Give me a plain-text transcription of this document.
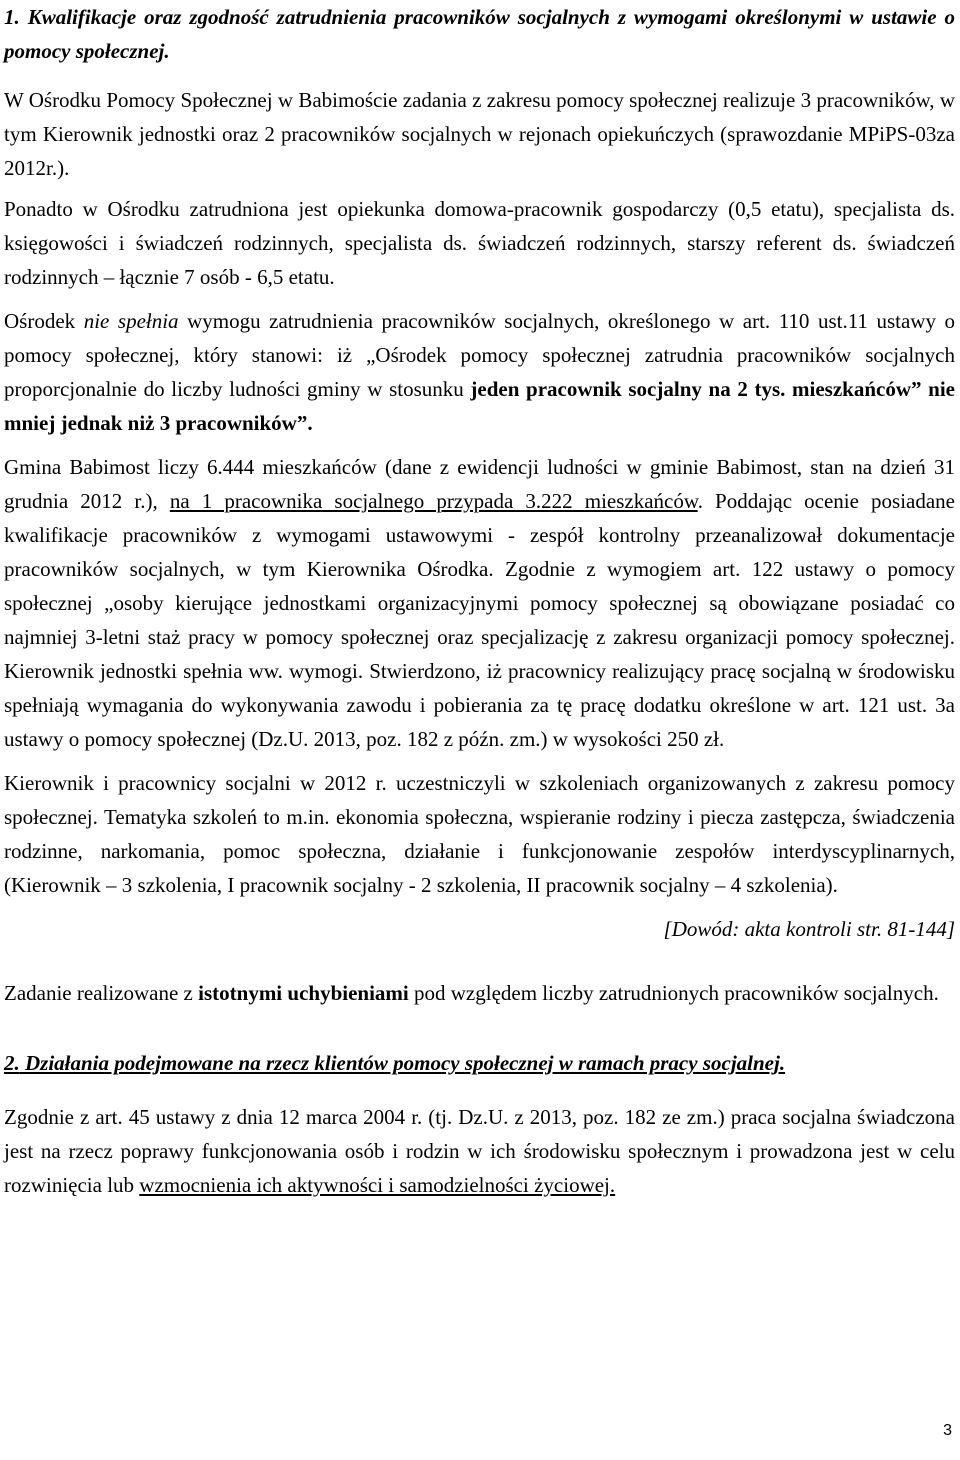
1. Kwalifikacje oraz zgodność zatrudnienia pracowników socjalnych z wymogami określonymi w ustawie o pomocy społecznej.

W Ośrodku Pomocy Społecznej w Babimoście zadania z zakresu pomocy społecznej realizuje 3 pracowników, w tym Kierownik jednostki oraz 2 pracowników socjalnych w rejonach opiekuńczych (sprawozdanie MPiPS-03za 2012r.).

Ponadto w Ośrodku zatrudniona jest opiekunka domowa-pracownik gospodarczy (0,5 etatu), specjalista ds. księgowości i świadczeń rodzinnych, specjalista ds. świadczeń rodzinnych, starszy referent ds. świadczeń rodzinnych – łącznie 7 osób - 6,5 etatu.

Ośrodek nie spełnia wymogu zatrudnienia pracowników socjalnych, określonego w art. 110 ust.11 ustawy o pomocy społecznej, który stanowi: iż „Ośrodek pomocy społecznej zatrudnia pracowników socjalnych proporcjonalnie do liczby ludności gminy w stosunku jeden pracownik socjalny na 2 tys. mieszkańców” nie mniej jednak niż 3 pracowników”.

Gmina Babimost liczy 6.444 mieszkańców (dane z ewidencji ludności w gminie Babimost, stan na dzień 31 grudnia 2012 r.), na 1 pracownika socjalnego przypada 3.222 mieszkańców. Poddając ocenie posiadane kwalifikacje pracowników z wymogami ustawowymi - zespół kontrolny przeanalizował dokumentacje pracowników socjalnych, w tym Kierownika Ośrodka. Zgodnie z wymogiem art. 122 ustawy o pomocy społecznej „osoby kierujące jednostkami organizacyjnymi pomocy społecznej są obowiązane posiadać co najmniej 3-letni staż pracy w pomocy społecznej oraz specjalizację z zakresu organizacji pomocy społecznej. Kierownik jednostki spełnia ww. wymogi. Stwierdzono, iż pracownicy realizujący pracę socjalną w środowisku spełniają wymagania do wykonywania zawodu i pobierania za tę pracę dodatku określone w art. 121 ust. 3a ustawy o pomocy społecznej (Dz.U. 2013, poz. 182 z późn. zm.) w wysokości 250 zł.

Kierownik i pracownicy socjalni w 2012 r. uczestniczyli w szkoleniach organizowanych z zakresu pomocy społecznej. Tematyka szkoleń to m.in. ekonomia społeczna, wspieranie rodziny i piecza zastępcza, świadczenia rodzinne, narkomania, pomoc społeczna, działanie i funkcjonowanie zespołów interdyscyplinarnych, (Kierownik – 3 szkolenia, I pracownik socjalny - 2 szkolenia, II pracownik socjalny – 4 szkolenia).

[Dowód: akta kontroli str. 81-144]

Zadanie realizowane z istotnymi uchybieniami pod względem liczby zatrudnionych pracowników socjalnych.

2. Działania podejmowane na rzecz klientów pomocy społecznej w ramach pracy socjalnej.

Zgodnie z art. 45 ustawy z dnia 12 marca 2004 r. (tj. Dz.U. z 2013, poz. 182 ze zm.) praca socjalna świadczona jest na rzecz poprawy funkcjonowania osób i rodzin w ich środowisku społecznym i prowadzona jest w celu rozwinięcia lub wzmocnienia ich aktywności i samodzielności życiowej.

3
